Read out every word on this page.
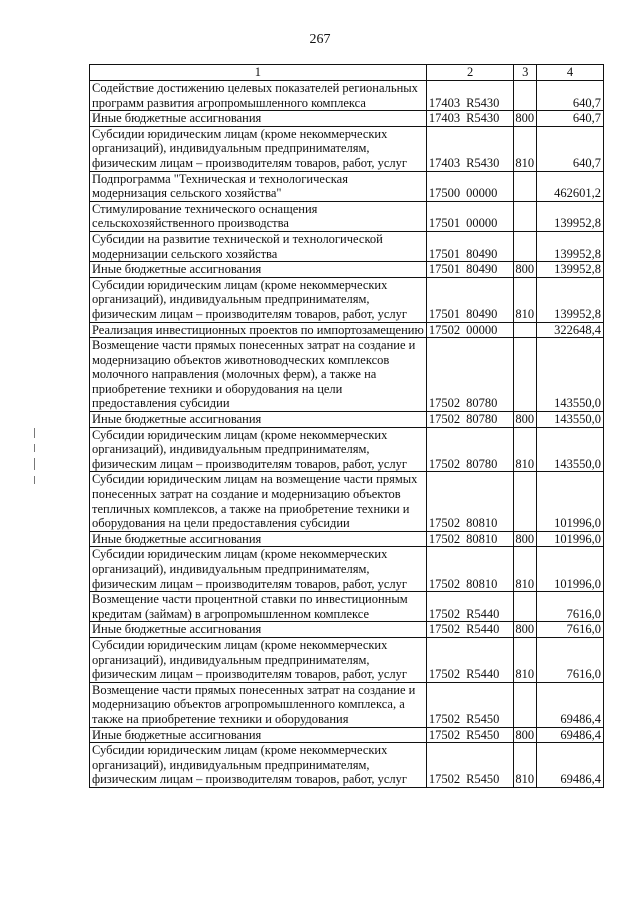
267
1	2	3	4
Содействие достижению целевых показателей региональных программ развития агропромышленного комплекса	17403 R5430		640,7
Иные бюджетные ассигнования	17403 R5430	800	640,7
Субсидии юридическим лицам (кроме некоммерческих организаций), индивидуальным предпринимателям, физическим лицам – производителям товаров, работ, услуг	17403 R5430	810	640,7
Подпрограмма "Техническая и технологическая модернизация сельского хозяйства"	17500 00000		462601,2
Стимулирование технического оснащения сельскохозяйственного производства	17501 00000		139952,8
Субсидии на развитие технической и технологической модернизации сельского хозяйства	17501 80490		139952,8
Иные бюджетные ассигнования	17501 80490	800	139952,8
Субсидии юридическим лицам (кроме некоммерческих организаций), индивидуальным предпринимателям, физическим лицам – производителям товаров, работ, услуг	17501 80490	810	139952,8
Реализация инвестиционных проектов по импортозамещению	17502 00000		322648,4
Возмещение части прямых понесенных затрат на создание и модернизацию объектов животноводческих комплексов молочного направления (молочных ферм), а также на приобретение техники и оборудования на цели предоставления субсидии	17502 80780		143550,0
Иные бюджетные ассигнования	17502 80780	800	143550,0
Субсидии юридическим лицам (кроме некоммерческих организаций), индивидуальным предпринимателям, физическим лицам – производителям товаров, работ, услуг	17502 80780	810	143550,0
Субсидии юридическим лицам на возмещение части прямых понесенных затрат на создание и модернизацию объектов тепличных комплексов, а также на приобретение техники и оборудования на цели предоставления субсидии	17502 80810		101996,0
Иные бюджетные ассигнования	17502 80810	800	101996,0
Субсидии юридическим лицам (кроме некоммерческих организаций), индивидуальным предпринимателям, физическим лицам – производителям товаров, работ, услуг	17502 80810	810	101996,0
Возмещение части процентной ставки по инвестиционным кредитам (займам) в агропромышленном комплексе	17502 R5440		7616,0
Иные бюджетные ассигнования	17502 R5440	800	7616,0
Субсидии юридическим лицам (кроме некоммерческих организаций), индивидуальным предпринимателям, физическим лицам – производителям товаров, работ, услуг	17502 R5440	810	7616,0
Возмещение части прямых понесенных затрат на создание и модернизацию объектов агропромышленного комплекса, а также на приобретение техники и оборудования	17502 R5450		69486,4
Иные бюджетные ассигнования	17502 R5450	800	69486,4
Субсидии юридическим лицам (кроме некоммерческих организаций), индивидуальным предпринимателям, физическим лицам – производителям товаров, работ, услуг	17502 R5450	810	69486,4
